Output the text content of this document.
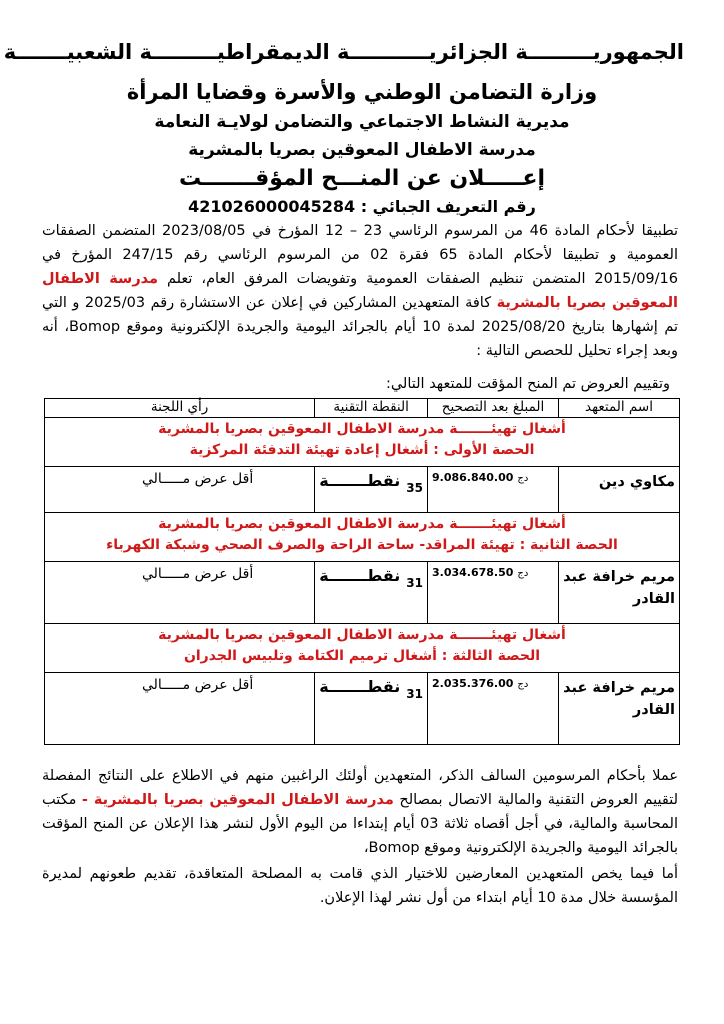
الجمهوريـــــــــة الجزائريـــــــــــة الديمقراطيـــــــــة الشعبيـــــــة
وزارة التضامن الوطني والأسرة وقضايا المرأة
مديرية النشاط الاجتماعي والتضامن لولايـة النعامة
مدرسة الاطفال المعوقين بصريا بالمشرية
إعـــــلان عن المنـــح المؤقـــــــت
رقم التعريف الجبائي : 421026000045284
تطبيقا لأحكام المادة 46 من المرسوم الرئاسي 23 – 12 المؤرخ في 2023/08/05 المتضمن الصفقات العمومية و تطبيقا لأحكام المادة 65 فقرة 02 من المرسوم الرئاسي رقم 247/15 المؤرخ في 2015/09/16 المتضمن تنظيم الصفقات العمومية وتفويضات المرفق العام، تعلم مدرسة الاطفال المعوقين بصريا بالمشرية كافة المتعهدين المشاركين في إعلان عن الاستشارة رقم 2025/03 و التي تم إشهارها بتاريخ 2025/08/20 لمدة 10 أيام بالجرائد اليومية والجريدة الإلكترونية وموقع Bomop، أنه وبعد إجراء تحليل للحصص التالية :
وتقييم العروض تم المنح المؤقت للمتعهد التالي:
اسم المتعهد	المبلغ بعد التصحيح	النقطة التقنية	رأي اللجنة

أشغال تهيئـــــــة مدرسة الاطفال المعوقين بصريا بالمشرية
الحصة الأولى : أشغال إعادة تهيئة التدفئة المركزية			

مكاوي دين	9.086.840.00 دج	$_{35}$نقطـــــــة	أقل عرض مـــــالي

أشغال تهيئـــــــة مدرسة الاطفال المعوقين بصريا بالمشرية
الحصة الثانية : تهيئة المراقد- ساحة الراحة والصرف الصحي وشبكة الكهرباء			

مريم خرافة عبد القادر	3.034.678.50 دج	$_{31}$نقطـــــــة	أقل عرض مـــــالي

أشغال تهيئـــــــة مدرسة الاطفال المعوقين بصريا بالمشرية
الحصة الثالثة : أشغال ترميم الكتامة وتلبيس الجدران			

مريم خرافة عبد القادر	2.035.376.00 دج	$_{31}$نقطـــــــة	أقل عرض مـــــالي
عملا بأحكام المرسومين السالف الذكر، المتعهدين أولئك الراغبين منهم في الاطلاع على النتائج المفصلة لتقييم العروض التقنية والمالية الاتصال بمصالح مدرسة الاطفال المعوقين بصريا بالمشرية - مكتب المحاسبة والمالية، في أجل أقصاه ثلاثة 03 أيام إبتداءا من اليوم الأول لنشر هذا الإعلان عن المنح المؤقت بالجرائد اليومية والجريدة الإلكترونية وموقع Bomop،
أما فيما يخص المتعهدين المعارضين للاختيار الذي قامت به المصلحة المتعاقدة، تقديم طعونهم لمديرة المؤسسة خلال مدة 10 أيام ابتداء من أول نشر لهذا الإعلان.
